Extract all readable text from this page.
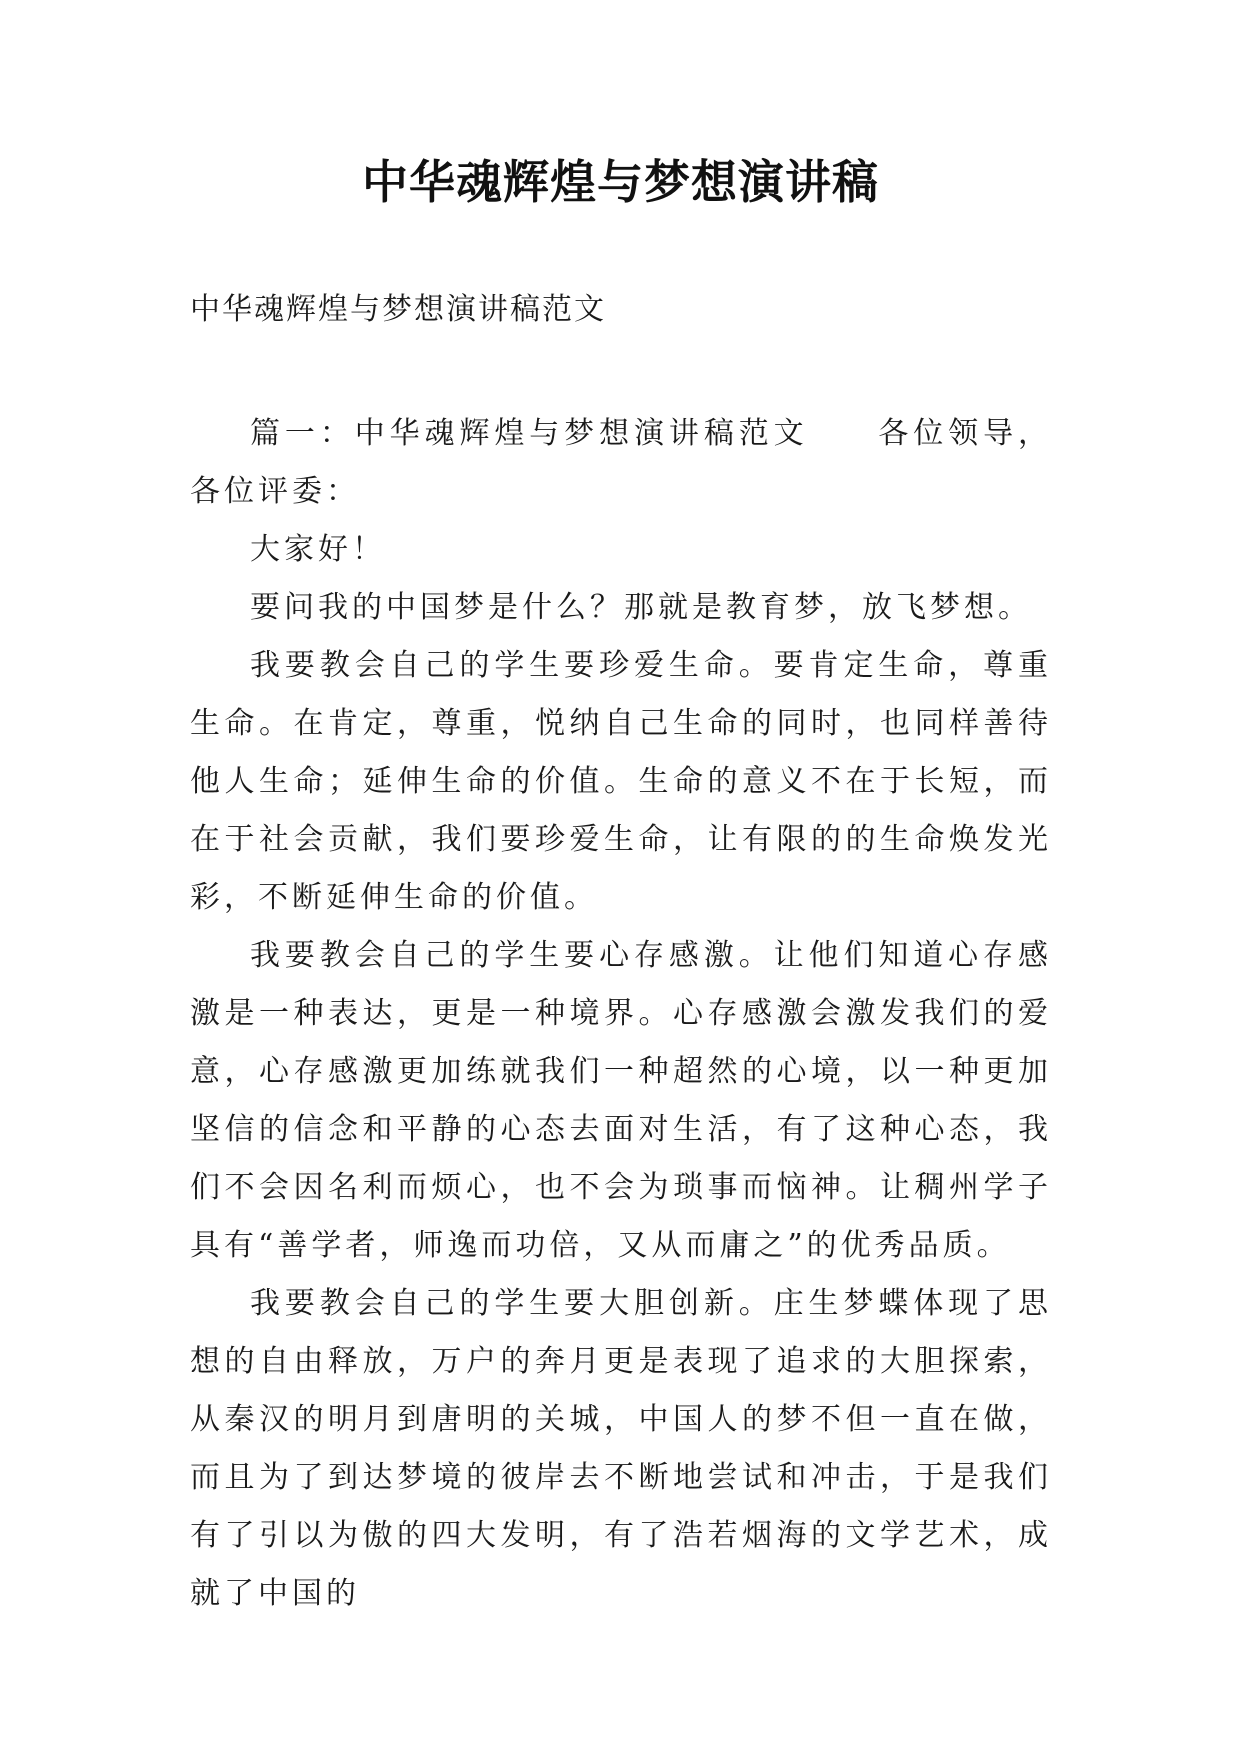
中华魂辉煌与梦想演讲稿
中华魂辉煌与梦想演讲稿范文

篇一：中华魂辉煌与梦想演讲稿范文　　各位领导，各位评委：

大家好！

要问我的中国梦是什么？那就是教育梦，放飞梦想。

我要教会自己的学生要珍爱生命。要肯定生命，尊重生命。在肯定，尊重，悦纳自己生命的同时，也同样善待他人生命；延伸生命的价值。生命的意义不在于长短，而在于社会贡献，我们要珍爱生命，让有限的的生命焕发光彩，不断延伸生命的价值。

我要教会自己的学生要心存感激。让他们知道心存感激是一种表达，更是一种境界。心存感激会激发我们的爱意，心存感激更加练就我们一种超然的心境，以一种更加坚信的信念和平静的心态去面对生活，有了这种心态，我们不会因名利而烦心，也不会为琐事而恼神。让稠州学子具有“善学者，师逸而功倍，又从而庸之”的优秀品质。

我要教会自己的学生要大胆创新。庄生梦蝶体现了思想的自由释放，万户的奔月更是表现了追求的大胆探索，从秦汉的明月到唐明的关城，中国人的梦不但一直在做，而且为了到达梦境的彼岸去不断地尝试和冲击，于是我们有了引以为傲的四大发明，有了浩若烟海的文学艺术，成就了中国的
